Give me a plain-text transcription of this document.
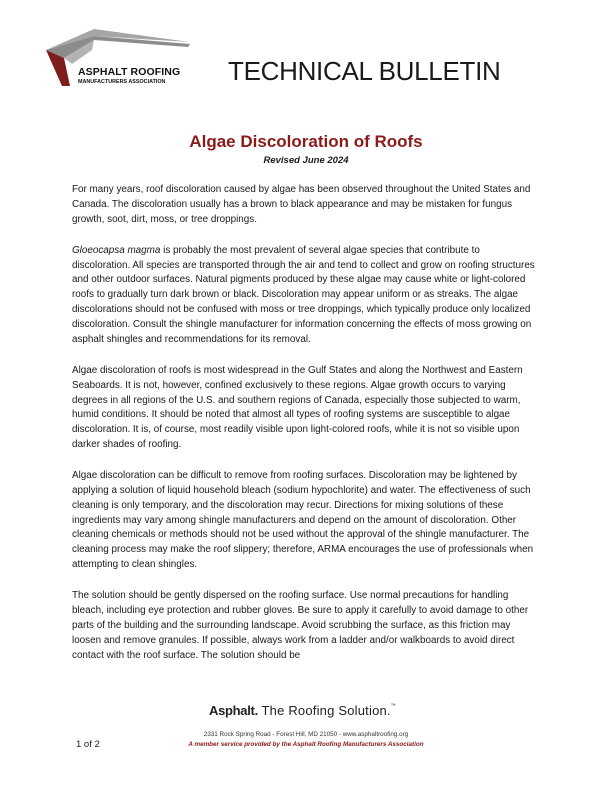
ASPHALT ROOFING
MANUFACTURERS ASSOCIATION TECHNICAL BULLETIN
Algae Discoloration of Roofs
Revised June 2024

For many years, roof discoloration caused by algae has been observed throughout the United States and Canada. The discoloration usually has a brown to black appearance and may be mistaken for fungus growth, soot, dirt, moss, or tree droppings.

Gloeocapsa magma is probably the most prevalent of several algae species that contribute to discoloration. All species are transported through the air and tend to collect and grow on roofing structures and other outdoor surfaces. Natural pigments produced by these algae may cause white or light-colored roofs to gradually turn dark brown or black. Discoloration may appear uniform or as streaks. The algae discolorations should not be confused with moss or tree droppings, which typically produce only localized discoloration. Consult the shingle manufacturer for information concerning the effects of moss growing on asphalt shingles and recommendations for its removal.

Algae discoloration of roofs is most widespread in the Gulf States and along the Northwest and Eastern Seaboards. It is not, however, confined exclusively to these regions. Algae growth occurs to varying degrees in all regions of the U.S. and southern regions of Canada, especially those subjected to warm, humid conditions. It should be noted that almost all types of roofing systems are susceptible to algae discoloration. It is, of course, most readily visible upon light-colored roofs, while it is not so visible upon darker shades of roofing.

Algae discoloration can be difficult to remove from roofing surfaces. Discoloration may be lightened by applying a solution of liquid household bleach (sodium hypochlorite) and water. The effectiveness of such cleaning is only temporary, and the discoloration may recur. Directions for mixing solutions of these ingredients may vary among shingle manufacturers and depend on the amount of discoloration. Other cleaning chemicals or methods should not be used without the approval of the shingle manufacturer. The cleaning process may make the roof slippery; therefore, ARMA encourages the use of professionals when attempting to clean shingles.

The solution should be gently dispersed on the roofing surface. Use normal precautions for handling bleach, including eye protection and rubber gloves. Be sure to apply it carefully to avoid damage to other parts of the building and the surrounding landscape. Avoid scrubbing the surface, as this friction may loosen and remove granules. If possible, always work from a ladder and/or walkboards to avoid direct contact with the roof surface. The solution should be

Asphalt. The Roofing Solution.™
2331 Rock Spring Road - Forest Hill, MD 21050 - www.asphaltroofing.org
A member service provided by the Asphalt Roofing Manufacturers Association
1 of 2
